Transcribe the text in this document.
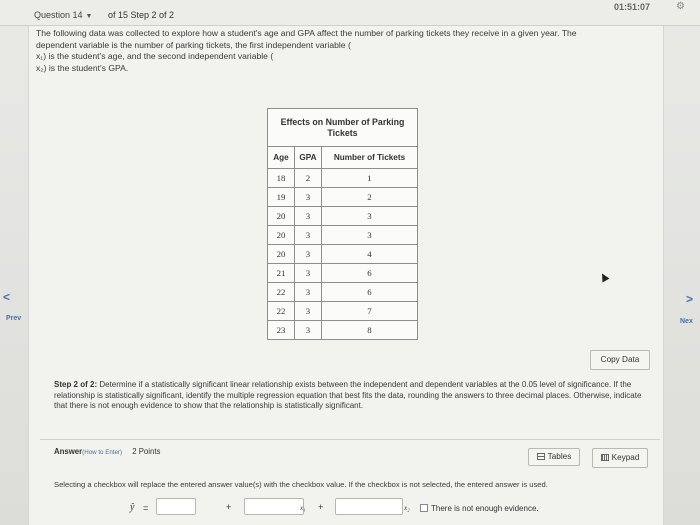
Question 14 ▼ of 15 Step 2 of 2
01:51:07	⚙
The following data was collected to explore how a student's age and GPA affect the number of parking tickets they receive in a given year. The
dependent variable is the number of parking tickets, the first independent variable (
x₁) is the student's age, and the second independent variable (
x₂) is the student's GPA.
Effects on Number of Parking Tickets		
Age	GPA	Number of Tickets
18	2	1
19	3	2
20	3	3
20	3	3
20	3	4
21	3	6
22	3	6
22	3	7
23	3	8
<
Prev
>
Nex
Copy Data
Step 2 of 2: Determine if a statistically significant linear relationship exists between the independent and dependent variables at the 0.05 level of significance. If the relationship is statistically significant, identify the multiple regression equation that best fits the data, rounding the answers to three decimal places. Otherwise, indicate that there is not enough evidence to show that the relationship is statistically significant.
Answer(How to Enter) 2 Points
Tables	Keypad
Selecting a checkbox will replace the entered answer value(s) with the checkbox value. If the checkbox is not selected, the entered answer is used.
ŷ =	+	x₁ +	x₂	There is not enough evidence.
